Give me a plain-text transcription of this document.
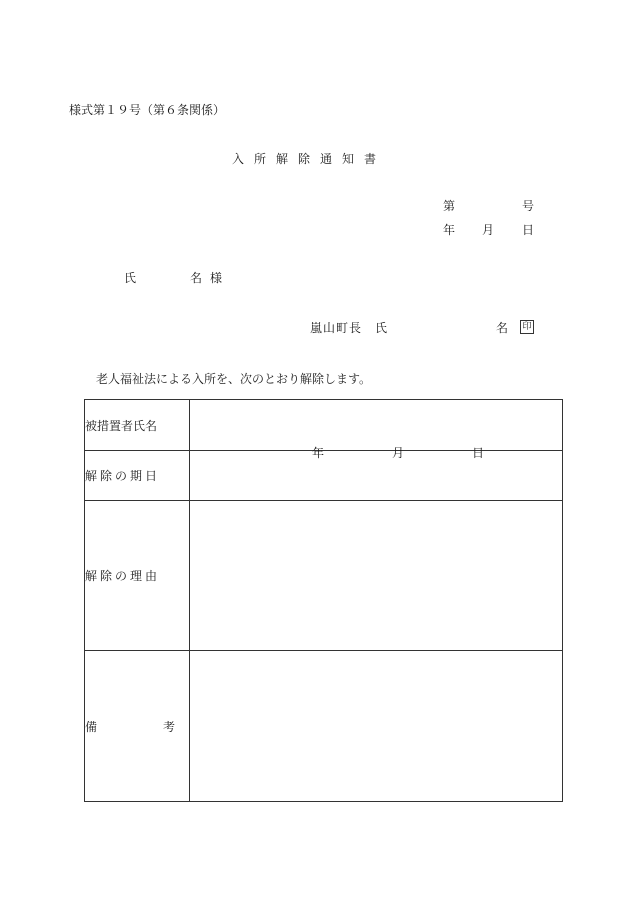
様式第１９号（第６条関係）
入所解除通知書
第	号
年 月 日
氏	名様
嵐山町長 氏	名 印
老人福祉法による入所を、次のとおり解除します。
被措置者氏名	
解除の期日	年 月 日

解除の理由	

備 考	
